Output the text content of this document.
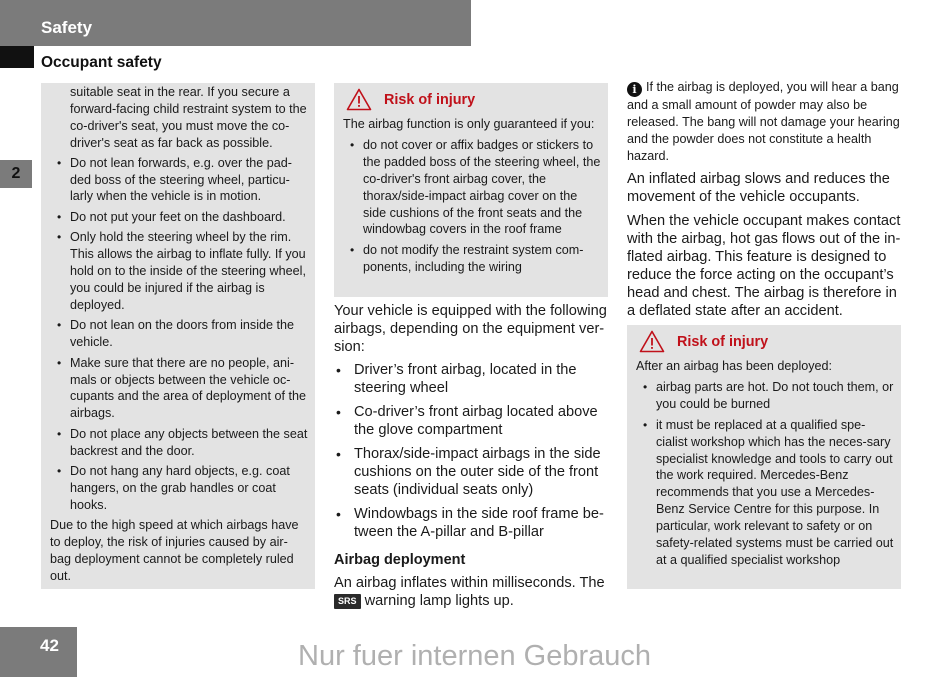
Safety
Occupant safety
2
suitable seat in the rear. If you secure a forward-facing child restraint system to the co-driver's seat, you must move the co-driver's seat as far back as possible.
• Do not lean forwards, e.g. over the pad-ded boss of the steering wheel, particu-larly when the vehicle is in motion.
• Do not put your feet on the dashboard.
• Only hold the steering wheel by the rim. This allows the airbag to inflate fully. If you hold on to the inside of the steering wheel, you could be injured if the airbag is deployed.
• Do not lean on the doors from inside the vehicle.
• Make sure that there are no people, ani-mals or objects between the vehicle oc-cupants and the area of deployment of the airbags.
• Do not place any objects between the seat backrest and the door.
• Do not hang any hard objects, e.g. coat hangers, on the grab handles or coat hooks.
Due to the high speed at which airbags have to deploy, the risk of injuries caused by air-bag deployment cannot be completely ruled out.
Risk of injury

The airbag function is only guaranteed if you:

• do not cover or affix badges or stickers to the padded boss of the steering wheel, the co-driver's front airbag cover, the thorax/side-impact airbag cover on the side cushions of the front seats and the windowbag covers in the roof frame
• do not modify the restraint system com-ponents, including the wiring

Your vehicle is equipped with the following airbags, depending on the equipment ver-sion:

• Driver’s front airbag, located in the steering wheel
• Co-driver’s front airbag located above the glove compartment
• Thorax/side-impact airbags in the side cushions on the outer side of the front seats (individual seats only)
• Windowbags in the side roof frame be-tween the A-pillar and B-pillar
Airbag deployment

An airbag inflates within milliseconds. The
SRS warning lamp lights up.

i If the airbag is deployed, you will hear a bang and a small amount of powder may also be released. The bang will not damage your hearing and the powder does not constitute a health hazard.

An inflated airbag slows and reduces the movement of the vehicle occupants.

When the vehicle occupant makes contact with the airbag, hot gas flows out of the in-flated airbag. This feature is designed to reduce the force acting on the occupant’s head and chest. The airbag is therefore in a deflated state after an accident.

Risk of injury

After an airbag has been deployed:

• airbag parts are hot. Do not touch them, or you could be burned
• it must be replaced at a qualified spe-cialist workshop which has the neces-sary specialist knowledge and tools to carry out the work required. Mercedes-Benz recommends that you use a Mercedes-Benz Service Centre for this purpose. In particular, work relevant to safety or on safety-related systems must be carried out at a qualified specialist workshop
42	Nur fuer internen Gebrauch
